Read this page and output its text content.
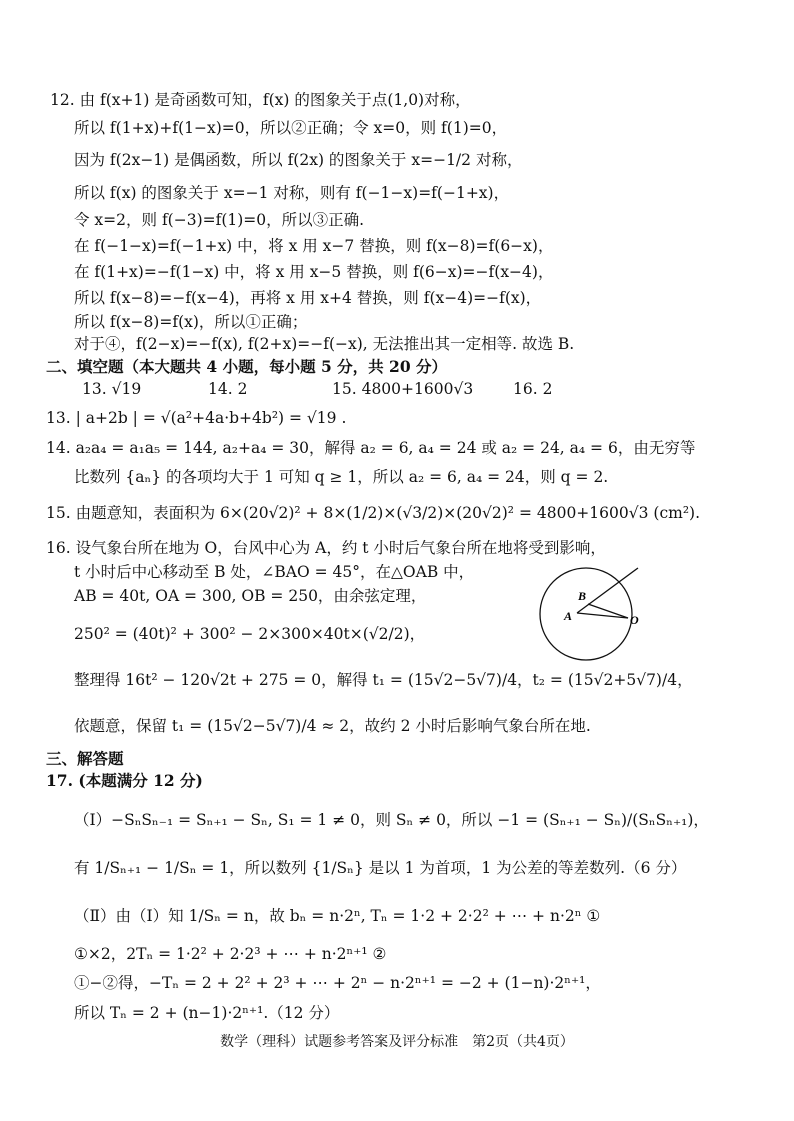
12. 由 f(x+1) 是奇函数可知，f(x) 的图象关于点(1,0)对称，
所以 f(1+x)+f(1−x)=0，所以②正确；令 x=0，则 f(1)=0，
因为 f(2x−1) 是偶函数，所以 f(2x) 的图象关于 x=−1/2 对称，
所以 f(x) 的图象关于 x=−1 对称，则有 f(−1−x)=f(−1+x)，
令 x=2，则 f(−3)=f(1)=0，所以③正确.
在 f(−1−x)=f(−1+x) 中，将 x 用 x−7 替换，则 f(x−8)=f(6−x)，
在 f(1+x)=−f(1−x) 中，将 x 用 x−5 替换，则 f(6−x)=−f(x−4)，
所以 f(x−8)=−f(x−4)，再将 x 用 x+4 替换，则 f(x−4)=−f(x)，
所以 f(x−8)=f(x)，所以①正确；
对于④，f(2−x)=−f(x), f(2+x)=−f(−x), 无法推出其一定相等. 故选 B.
二、填空题（本大题共 4 小题，每小题 5 分，共 20 分）
13. √19	14. 2	15. 4800+1600√3	16. 2
13. | a+2b | = √(a²+4a·b+4b²) = √19 .
14. a₂a₄ = a₁a₅ = 144, a₂+a₄ = 30，解得 a₂ = 6, a₄ = 24 或 a₂ = 24, a₄ = 6，由无穷等
比数列 {aₙ} 的各项均大于 1 可知 q ≥ 1，所以 a₂ = 6, a₄ = 24，则 q = 2.
15. 由题意知，表面积为 6×(20√2)² + 8×(1/2)×(√3/2)×(20√2)² = 4800+1600√3 (cm²).
16. 设气象台所在地为 O，台风中心为 A，约 t 小时后气象台所在地将受到影响，
t 小时后中心移动至 B 处，∠BAO = 45°，在△OAB 中，
AB = 40t, OA = 300, OB = 250，由余弦定理，
250² = (40t)² + 300² − 2×300×40t×(√2/2)，
整理得 16t² − 120√2t + 275 = 0，解得 t₁ = (15√2−5√7)/4，t₂ = (15√2+5√7)/4，
依题意，保留 t₁ = (15√2−5√7)/4 ≈ 2，故约 2 小时后影响气象台所在地.
A
B
O
三、解答题
17. (本题满分 12 分)
（Ⅰ）−SₙSₙ₋₁ = Sₙ₊₁ − Sₙ, S₁ = 1 ≠ 0，则 Sₙ ≠ 0，所以 −1 = (Sₙ₊₁ − Sₙ)/(SₙSₙ₊₁)，
有 1/Sₙ₊₁ − 1/Sₙ = 1，所以数列 {1/Sₙ} 是以 1 为首项，1 为公差的等差数列.（6 分）
（Ⅱ）由（Ⅰ）知 1/Sₙ = n，故 bₙ = n·2ⁿ, Tₙ = 1·2 + 2·2² + ⋯ + n·2ⁿ ①
①×2，2Tₙ = 1·2² + 2·2³ + ⋯ + n·2ⁿ⁺¹ ②
①−②得，−Tₙ = 2 + 2² + 2³ + ⋯ + 2ⁿ − n·2ⁿ⁺¹ = −2 + (1−n)·2ⁿ⁺¹，
所以 Tₙ = 2 + (n−1)·2ⁿ⁺¹.（12 分）
数学（理科）试题参考答案及评分标准　第2页（共4页）
